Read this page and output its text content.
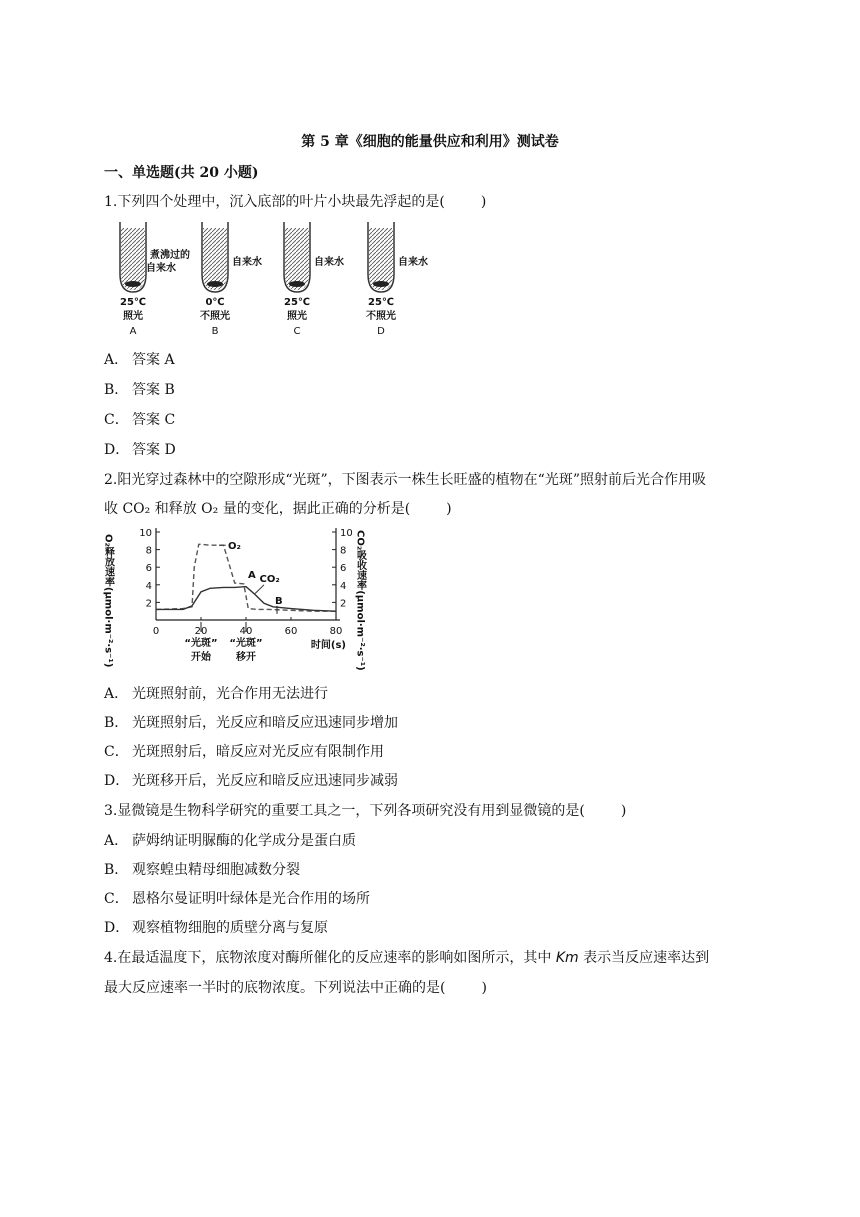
第 5 章《细胞的能量供应和利用》测试卷
一、单选题(共 20 小题)
1.下列四个处理中，沉入底部的叶片小块最先浮起的是(	)
煮沸过的
自来水
25℃
照光
A
自来水
0℃
不照光
B
自来水
25℃
照光
C
自来水
25℃
不照光
D
A． 答案 A
B． 答案 B
C． 答案 C
D． 答案 D
2.阳光穿过森林中的空隙形成“光斑”，下图表示一株生长旺盛的植物在“光斑”照射前后光合作用吸
收 CO₂ 和释放 O₂ 量的变化，据此正确的分析是(	)
2	2
4	4
6	6
8	8
10	10
0	20	40	60	80
时间(s)
O₂释放速率(μmol·m⁻²·s⁻¹)	CO₂吸收速率(μmol·m⁻²·s⁻¹)
O₂
CO₂
“光斑”
开始
“光斑”
移开
A
B
A． 光斑照射前，光合作用无法进行
B． 光斑照射后，光反应和暗反应迅速同步增加
C． 光斑照射后，暗反应对光反应有限制作用
D． 光斑移开后，光反应和暗反应迅速同步减弱
3.显微镜是生物科学研究的重要工具之一，下列各项研究没有用到显微镜的是(	)
A． 萨姆纳证明脲酶的化学成分是蛋白质
B． 观察蝗虫精母细胞减数分裂
C． 恩格尔曼证明叶绿体是光合作用的场所
D． 观察植物细胞的质壁分离与复原
4.在最适温度下，底物浓度对酶所催化的反应速率的影响如图所示，其中 Km 表示当反应速率达到
最大反应速率一半时的底物浓度。下列说法中正确的是(	)
